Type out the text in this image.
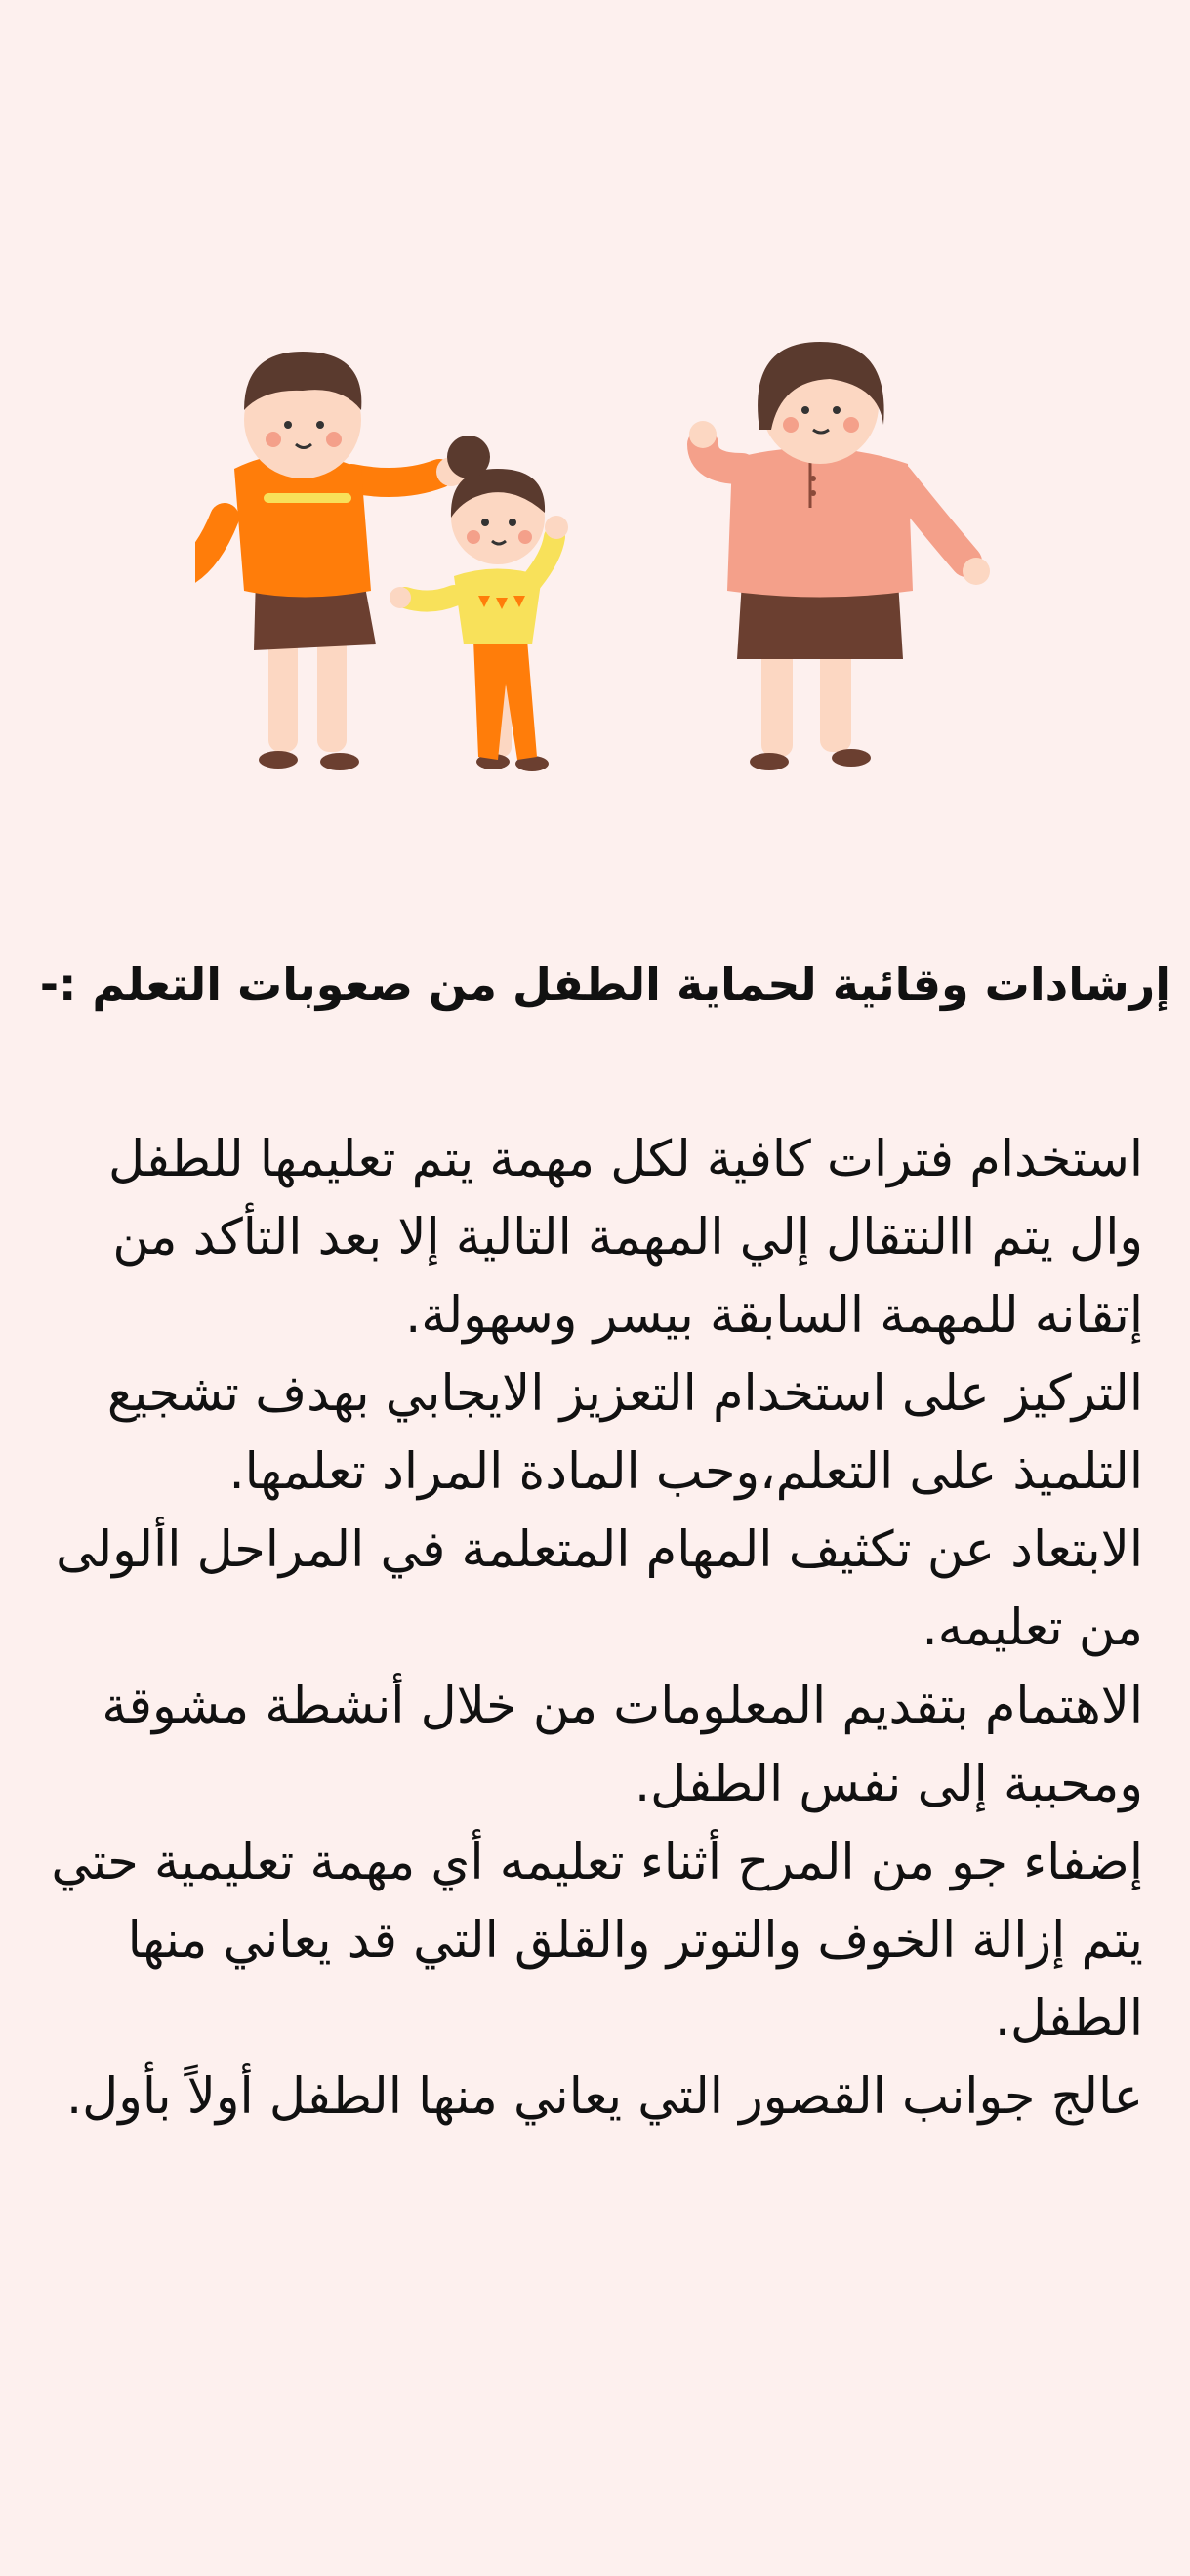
إرشادات وقائية لحماية الطفل من صعوبات التعلم :-
استخدام فترات كافية لكل مهمة يتم تعليمها للطفل وال يتم االنتقال إلي المهمة التالية إلا بعد التأكد من إتقانه للمهمة السابقة بيسر وسهولة.
التركيز على استخدام التعزيز الايجابي بهدف تشجيع التلميذ على التعلم،وحب المادة المراد تعلمها.
الابتعاد عن تكثيف المهام المتعلمة في المراحل األولى من تعليمه.
الاهتمام بتقديم المعلومات من خلال أنشطة مشوقة ومحببة إلى نفس الطفل.
إضفاء جو من المرح أثناء تعليمه أي مهمة تعليمية حتي يتم إزالة الخوف والتوتر والقلق التي قد يعاني منها الطفل.
عالج جوانب القصور التي يعاني منها الطفل أولاً بأول.
